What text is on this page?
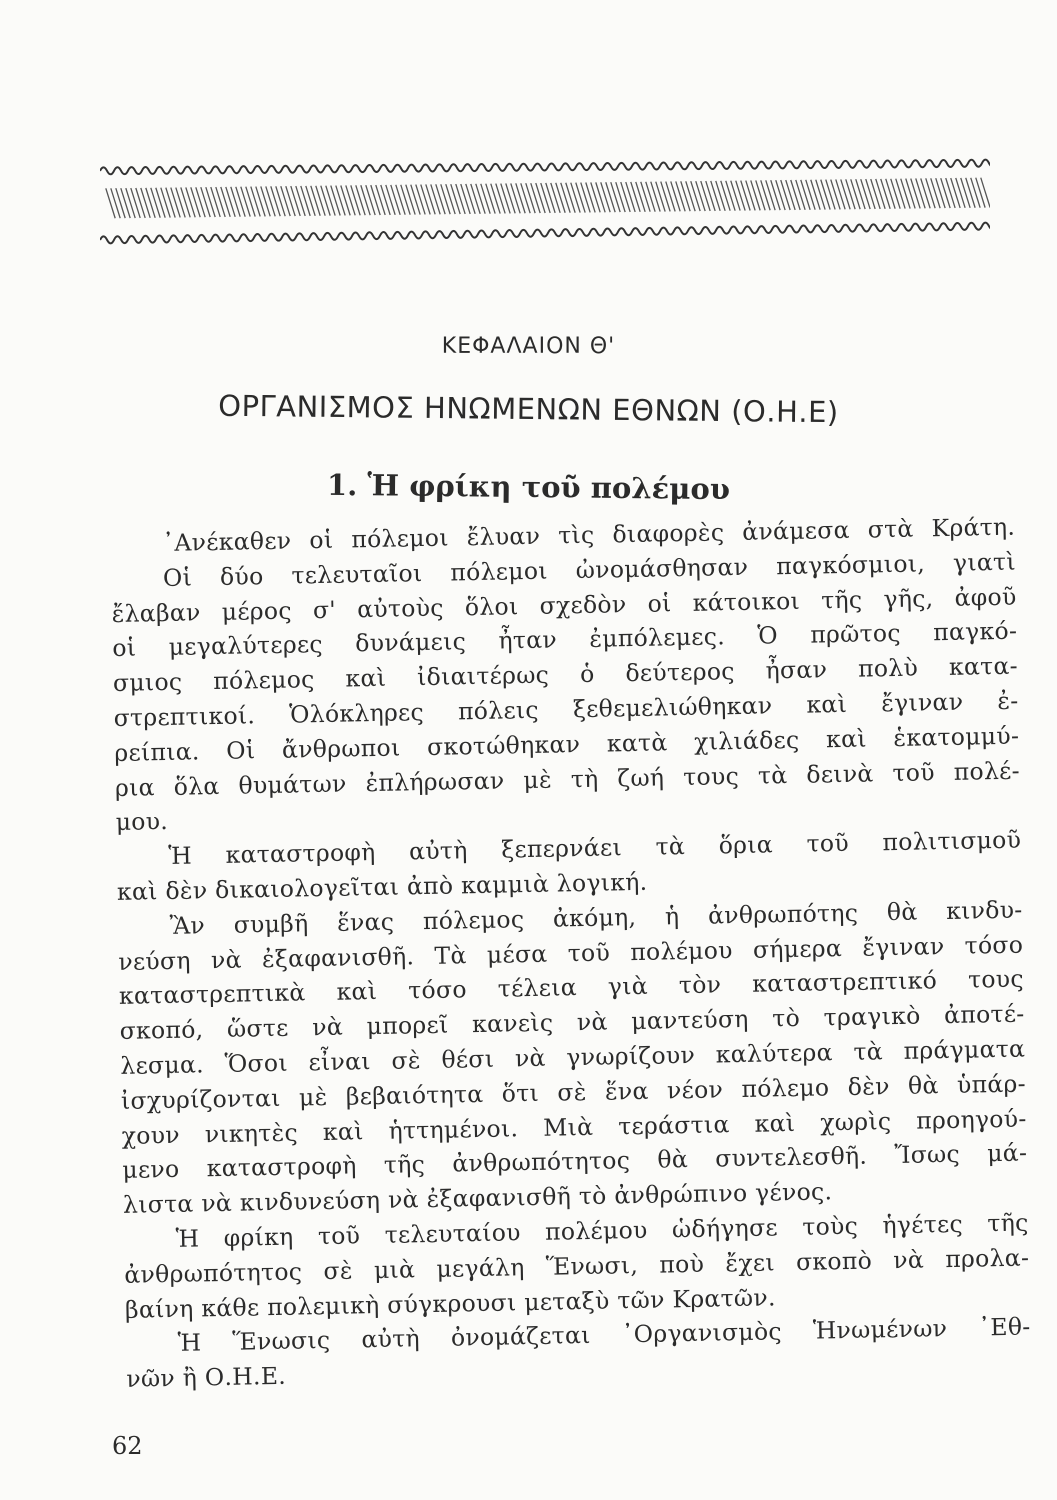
ΚΕΦΑΛΑΙΟΝ Θ'
ΟΡΓΑΝΙΣΜΟΣ ΗΝΩΜΕΝΩΝ ΕΘΝΩΝ (Ο.Η.Ε)
1. Ἡ φρίκη τοῦ πολέμου
᾽Ανέκαθεν οἱ πόλεμοι ἔλυαν τὶς διαφορὲς ἀνάμεσα στὰ Κράτη.
Οἱ δύο τελευταῖοι πόλεμοι ὠνομάσθησαν παγκόσμιοι, γιατὶ
ἔλαβαν μέρος σ' αὐτοὺς ὅλοι σχεδὸν οἱ κάτοικοι τῆς γῆς, ἀφοῦ
οἱ μεγαλύτερες δυνάμεις ἦταν ἐμπόλεμες. Ὁ πρῶτος παγκό-
σμιος πόλεμος καὶ ἰδιαιτέρως ὁ δεύτερος ἦσαν πολὺ κατα-
στρεπτικοί. Ὁλόκληρες πόλεις ξεθεμελιώθηκαν καὶ ἔγιναν ἐ-
ρείπια. Οἱ ἄνθρωποι σκοτώθηκαν κατὰ χιλιάδες καὶ ἑκατομμύ-
ρια ὅλα θυμάτων ἐπλήρωσαν μὲ τὴ ζωή τους τὰ δεινὰ τοῦ πολέ-
μου.
Ἡ καταστροφὴ αὐτὴ ξεπερνάει τὰ ὅρια τοῦ πολιτισμοῦ
καὶ δὲν δικαιολογεῖται ἀπὸ καμμιὰ λογική.
Ἂν συμβῆ ἕνας πόλεμος ἀκόμη, ἡ ἀνθρωπότης θὰ κινδυ-
νεύση νὰ ἐξαφανισθῆ. Τὰ μέσα τοῦ πολέμου σήμερα ἔγιναν τόσο
καταστρεπτικὰ καὶ τόσο τέλεια γιὰ τὸν καταστρεπτικό τους
σκοπό, ὥστε νὰ μπορεῖ κανεὶς νὰ μαντεύση τὸ τραγικὸ ἀποτέ-
λεσμα. Ὅσοι εἶναι σὲ θέσι νὰ γνωρίζουν καλύτερα τὰ πράγματα
ἰσχυρίζονται μὲ βεβαιότητα ὅτι σὲ ἕνα νέον πόλεμο δὲν θὰ ὑπάρ-
χουν νικητὲς καὶ ἡττημένοι. Μιὰ τεράστια καὶ χωρὶς προηγού-
μενο καταστροφὴ τῆς ἀνθρωπότητος θὰ συντελεσθῆ. Ἴσως μά-
λιστα νὰ κινδυνεύση νὰ ἐξαφανισθῆ τὸ ἀνθρώπινο γένος.
Ἡ φρίκη τοῦ τελευταίου πολέμου ὡδήγησε τοὺς ἡγέτες τῆς
ἀνθρωπότητος σὲ μιὰ μεγάλη Ἕνωσι, ποὺ ἔχει σκοπὸ νὰ προλα-
βαίνη κάθε πολεμικὴ σύγκρουσι μεταξὺ τῶν Κρατῶν.
Ἡ Ἕνωσις αὐτὴ ὀνομάζεται ᾽Οργανισμὸς Ἡνωμένων ᾽Εθ-
νῶν ἢ Ο.Η.Ε.
62
